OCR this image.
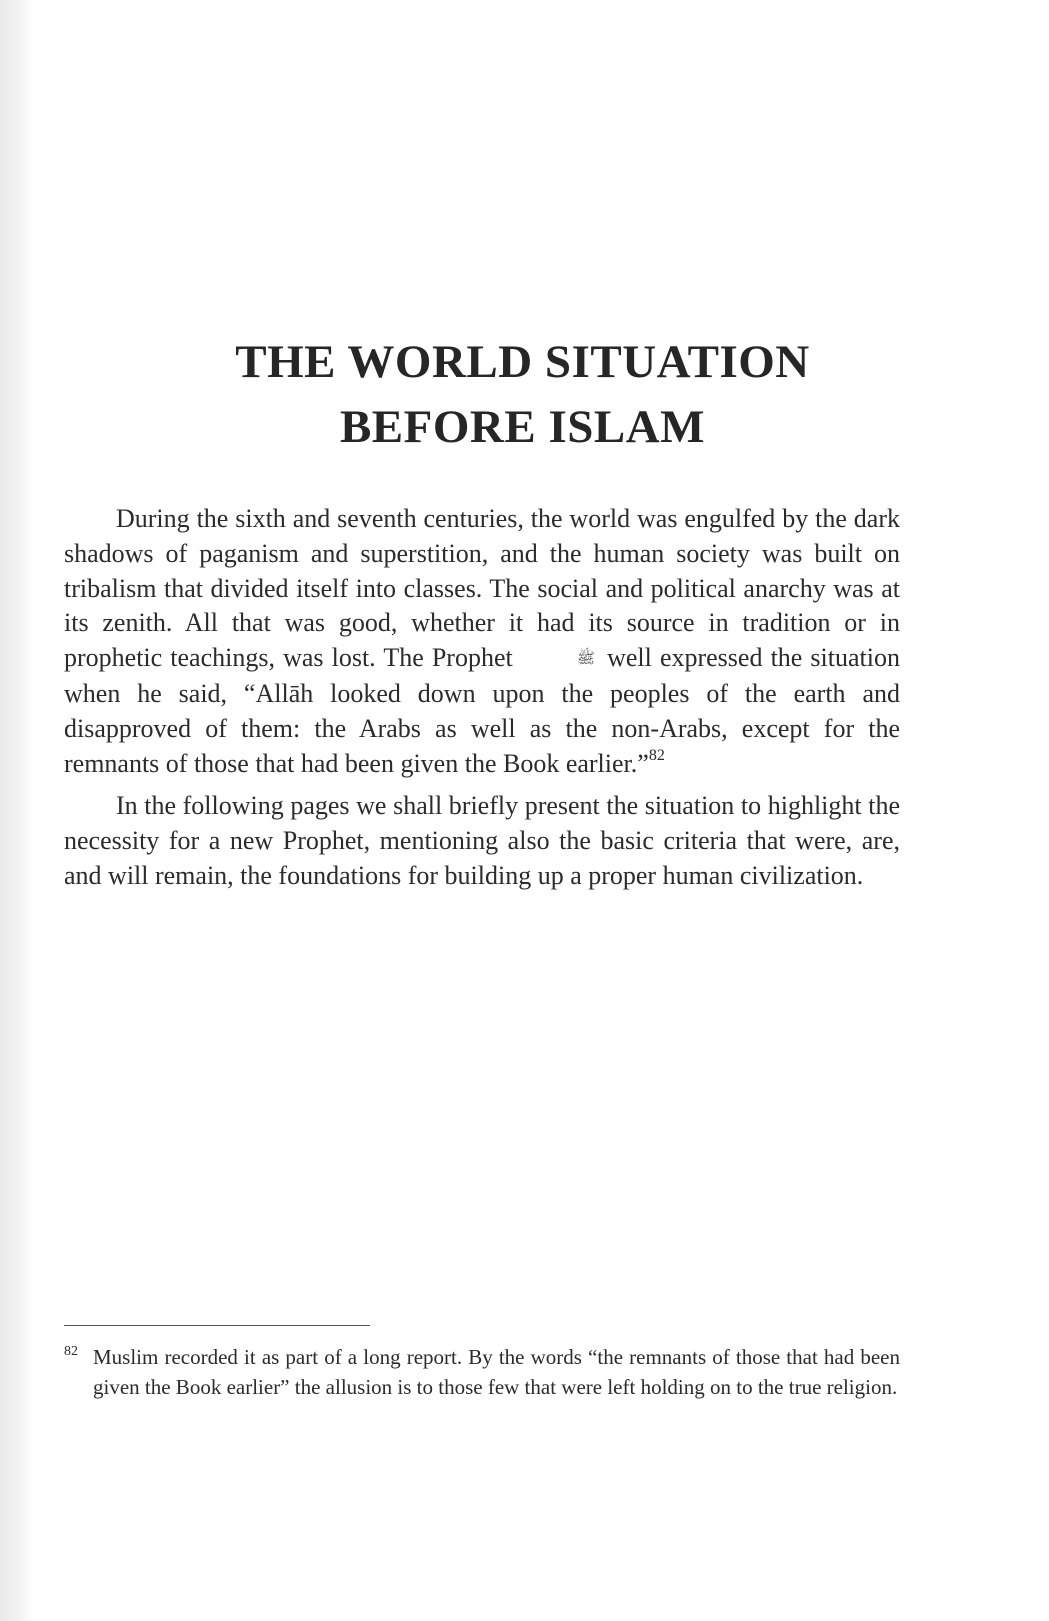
THE WORLD SITUATION
BEFORE ISLAM

During the sixth and seventh centuries, the world was engulfed by the dark shadows of paganism and superstition, and the human society was built on tribalism that divided itself into classes. The social and political anarchy was at its zenith. All that was good, whether it had its source in tradition or in prophetic teachings, was lost. The Prophet	ﷺ well expressed the situation when he said, “Allāh looked down upon the peoples of the earth and disapproved of them: the Arabs as well as the non-Arabs, except for the remnants of those that had been given the Book earlier.”$^{82}$

In the following pages we shall briefly present the situation to highlight the necessity for a new Prophet, mentioning also the basic criteria that were, are, and will remain, the foundations for building up a proper human civilization.

82 Muslim recorded it as part of a long report. By the words “the remnants of those that had been given the Book earlier” the allusion is to those few that were left holding on to the true religion.
